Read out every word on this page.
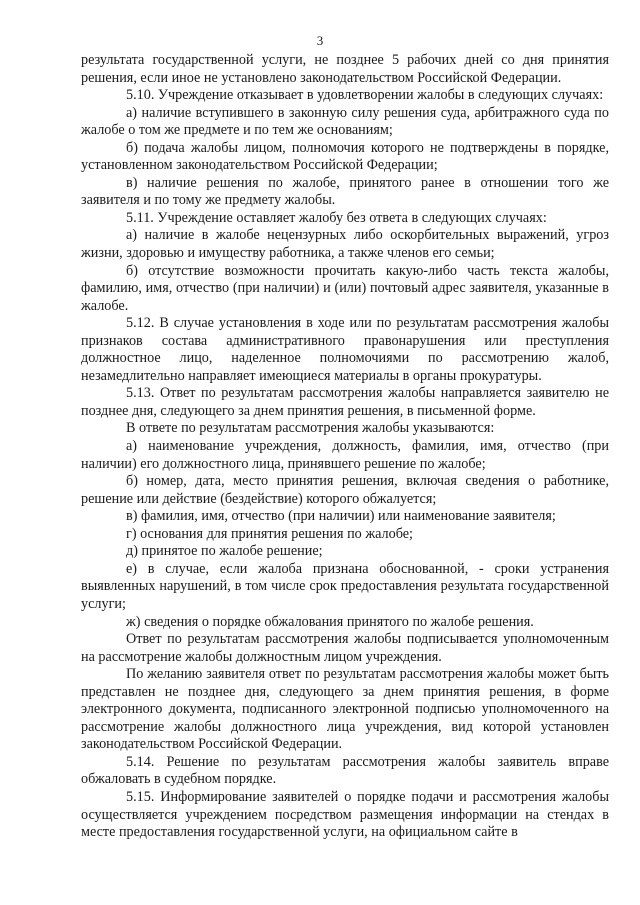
3

результата государственной услуги, не позднее 5 рабочих дней со дня принятия решения, если иное не установлено законодательством Российской Федерации.

5.10. Учреждение отказывает в удовлетворении жалобы в следующих случаях:

а) наличие вступившего в законную силу решения суда, арбитражного суда по жалобе о том же предмете и по тем же основаниям;

б) подача жалобы лицом, полномочия которого не подтверждены в порядке, установленном законодательством Российской Федерации;

в) наличие решения по жалобе, принятого ранее в отношении того же заявителя и по тому же предмету жалобы.

5.11. Учреждение оставляет жалобу без ответа в следующих случаях:

а) наличие в жалобе нецензурных либо оскорбительных выражений, угроз жизни, здоровью и имуществу работника, а также членов его семьи;

б) отсутствие возможности прочитать какую-либо часть текста жалобы, фамилию, имя, отчество (при наличии) и (или) почтовый адрес заявителя, указанные в жалобе.

5.12. В случае установления в ходе или по результатам рассмотрения жалобы признаков состава административного правонарушения или преступления должностное лицо, наделенное полномочиями по рассмотрению жалоб, незамедлительно направляет имеющиеся материалы в органы прокуратуры.

5.13. Ответ по результатам рассмотрения жалобы направляется заявителю не позднее дня, следующего за днем принятия решения, в письменной форме.

В ответе по результатам рассмотрения жалобы указываются:

а) наименование учреждения, должность, фамилия, имя, отчество (при наличии) его должностного лица, принявшего решение по жалобе;

б) номер, дата, место принятия решения, включая сведения о работнике, решение или действие (бездействие) которого обжалуется;

в) фамилия, имя, отчество (при наличии) или наименование заявителя;

г) основания для принятия решения по жалобе;

д) принятое по жалобе решение;

е) в случае, если жалоба признана обоснованной, - сроки устранения выявленных нарушений, в том числе срок предоставления результата государственной услуги;

ж) сведения о порядке обжалования принятого по жалобе решения.

Ответ по результатам рассмотрения жалобы подписывается уполномоченным на рассмотрение жалобы должностным лицом учреждения.

По желанию заявителя ответ по результатам рассмотрения жалобы может быть представлен не позднее дня, следующего за днем принятия решения, в форме электронного документа, подписанного электронной подписью уполномоченного на рассмотрение жалобы должностного лица учреждения, вид которой установлен законодательством Российской Федерации.

5.14. Решение по результатам рассмотрения жалобы заявитель вправе обжаловать в судебном порядке.

5.15. Информирование заявителей о порядке подачи и рассмотрения жалобы осуществляется учреждением посредством размещения информации на стендах в месте предоставления государственной услуги, на официальном сайте в
